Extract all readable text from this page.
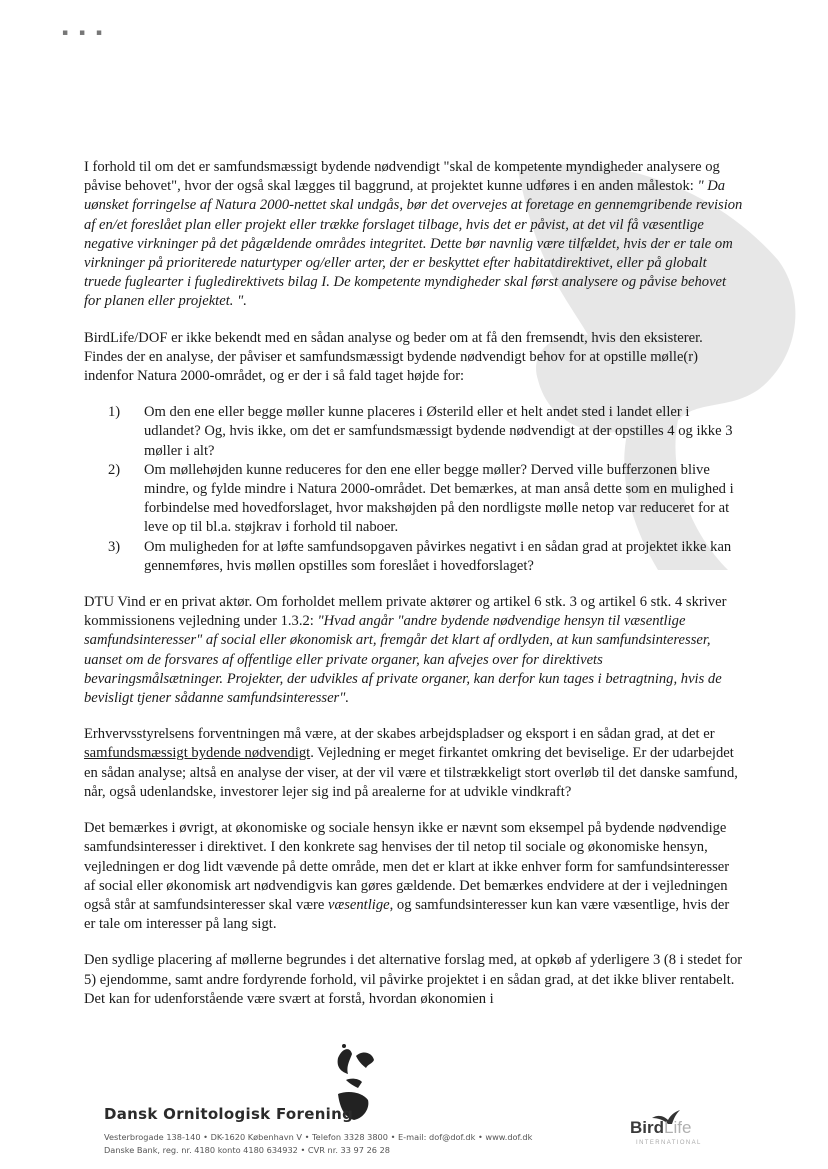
▪ ▪ ▪

I forhold til om det er samfundsmæssigt bydende nødvendigt "skal de kompetente myndigheder analysere og påvise behovet", hvor der også skal lægges til baggrund, at projektet kunne udføres i en anden målestok: " Da uønsket forringelse af Natura 2000-nettet skal undgås, bør det overvejes at foretage en gennemgribende revision af en/et foreslået plan eller projekt eller trække forslaget tilbage, hvis det er påvist, at det vil få væsentlige negative virkninger på det pågældende områdes integritet. Dette bør navnlig være tilfældet, hvis der er tale om virkninger på prioriterede naturtyper og/eller arter, der er beskyttet efter habitatdirektivet, eller på globalt truede fuglearter i fugledirektivets bilag I. De kompetente myndigheder skal først analysere og påvise behovet for planen eller projektet. ".

BirdLife/DOF er ikke bekendt med en sådan analyse og beder om at få den fremsendt, hvis den eksisterer. Findes der en analyse, der påviser et samfundsmæssigt bydende nødvendigt behov for at opstille mølle(r) indenfor Natura 2000-området, og er der i så fald taget højde for:

1)	Om den ene eller begge møller kunne placeres i Østerild eller et helt andet sted i landet eller i udlandet? Og, hvis ikke, om det er samfundsmæssigt bydende nødvendigt at der opstilles 4 og ikke 3 møller i alt?
2)	Om møllehøjden kunne reduceres for den ene eller begge møller? Derved ville bufferzonen blive mindre, og fylde mindre i Natura 2000-området. Det bemærkes, at man anså dette som en mulighed i forbindelse med hovedforslaget, hvor makshøjden på den nordligste mølle netop var reduceret for at leve op til bl.a. støjkrav i forhold til naboer.
3)	Om muligheden for at løfte samfundsopgaven påvirkes negativt i en sådan grad at projektet ikke kan gennemføres, hvis møllen opstilles som foreslået i hovedforslaget?

DTU Vind er en privat aktør. Om forholdet mellem private aktører og artikel 6 stk. 3 og artikel 6 stk. 4 skriver kommissionens vejledning under 1.3.2: "Hvad angår "andre bydende nødvendige hensyn til væsentlige samfundsinteresser" af social eller økonomisk art, fremgår det klart af ordlyden, at kun samfundsinteresser, uanset om de forsvares af offentlige eller private organer, kan afvejes over for direktivets bevaringsmålsætninger. Projekter, der udvikles af private organer, kan derfor kun tages i betragtning, hvis de bevisligt tjener sådanne samfundsinteresser".

Erhvervsstyrelsens forventningen må være, at der skabes arbejdspladser og eksport i en sådan grad, at det er samfundsmæssigt bydende nødvendigt. Vejledning er meget firkantet omkring det beviselige. Er der udarbejdet en sådan analyse; altså en analyse der viser, at der vil være et tilstrækkeligt stort overløb til det danske samfund, når, også udenlandske, investorer lejer sig ind på arealerne for at udvikle vindkraft?

Det bemærkes i øvrigt, at økonomiske og sociale hensyn ikke er nævnt som eksempel på bydende nødvendige samfundsinteresser i direktivet. I den konkrete sag henvises der til netop til sociale og økonomiske hensyn, vejledningen er dog lidt vævende på dette område, men det er klart at ikke enhver form for samfundsinteresser af social eller økonomisk art nødvendigvis kan gøres gældende. Det bemærkes endvidere at der i vejledningen også står at samfundsinteresser skal være væsentlige, og samfundsinteresser kun kan være væsentlige, hvis der er tale om interesser på lang sigt.

Den sydlige placering af møllerne begrundes i det alternative forslag med, at opkøb af yderligere 3 (8 i stedet for 5) ejendomme, samt andre fordyrende forhold, vil påvirke projektet i en sådan grad, at det ikke bliver rentabelt. Det kan for udenforstående være svært at forstå, hvordan økonomien i

Dansk Ornitologisk Forening
Vesterbrogade 138-140 • DK-1620 København V • Telefon 3328 3800 • E-mail: dof@dof.dk • www.dof.dk
Danske Bank, reg. nr. 4180 konto 4180 634932 • CVR nr. 33 97 26 28
BirdLife
INTERNATIONAL
